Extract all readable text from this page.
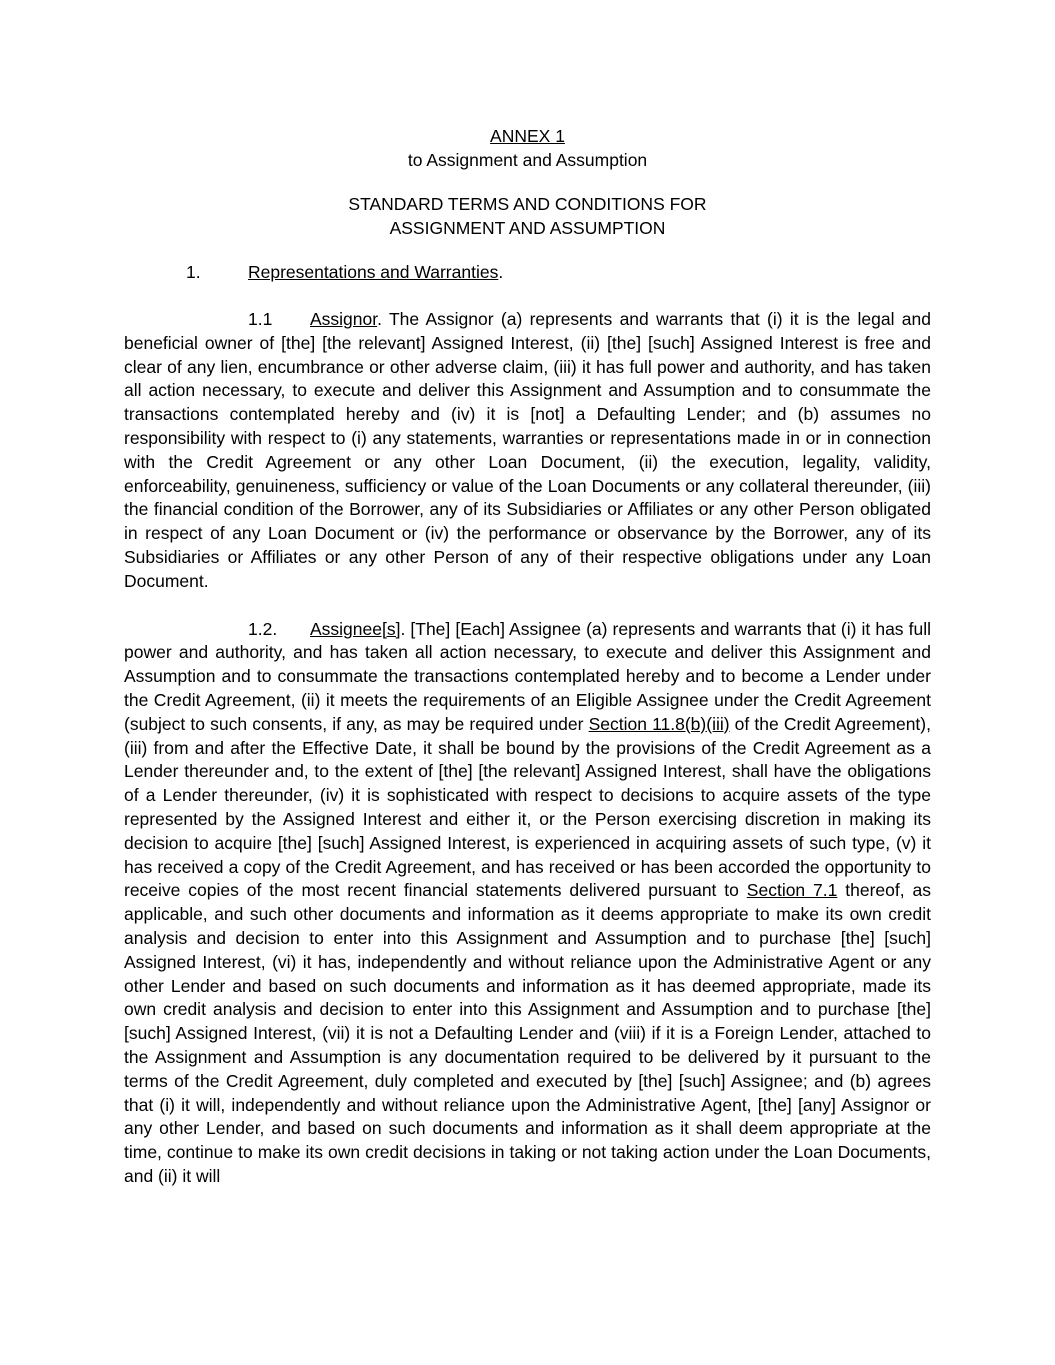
ANNEX 1
to Assignment and Assumption
STANDARD TERMS AND CONDITIONS FOR
ASSIGNMENT AND ASSUMPTION
1.	Representations and Warranties.

1.1 Assignor. The Assignor (a) represents and warrants that (i) it is the legal and beneficial owner of [the] [the relevant] Assigned Interest, (ii) [the] [such] Assigned Interest is free and clear of any lien, encumbrance or other adverse claim, (iii) it has full power and authority, and has taken all action necessary, to execute and deliver this Assignment and Assumption and to consummate the transactions contemplated hereby and (iv) it is [not] a Defaulting Lender; and (b) assumes no responsibility with respect to (i) any statements, warranties or representations made in or in connection with the Credit Agreement or any other Loan Document, (ii) the execution, legality, validity, enforceability, genuineness, sufficiency or value of the Loan Documents or any collateral thereunder, (iii) the financial condition of the Borrower, any of its Subsidiaries or Affiliates or any other Person obligated in respect of any Loan Document or (iv) the performance or observance by the Borrower, any of its Subsidiaries or Affiliates or any other Person of any of their respective obligations under any Loan Document.

1.2. Assignee[s]. [The] [Each] Assignee (a) represents and warrants that (i) it has full power and authority, and has taken all action necessary, to execute and deliver this Assignment and Assumption and to consummate the transactions contemplated hereby and to become a Lender under the Credit Agreement, (ii) it meets the requirements of an Eligible Assignee under the Credit Agreement (subject to such consents, if any, as may be required under Section 11.8(b)(iii) of the Credit Agreement), (iii) from and after the Effective Date, it shall be bound by the provisions of the Credit Agreement as a Lender thereunder and, to the extent of [the] [the relevant] Assigned Interest, shall have the obligations of a Lender thereunder, (iv) it is sophisticated with respect to decisions to acquire assets of the type represented by the Assigned Interest and either it, or the Person exercising discretion in making its decision to acquire [the] [such] Assigned Interest, is experienced in acquiring assets of such type, (v) it has received a copy of the Credit Agreement, and has received or has been accorded the opportunity to receive copies of the most recent financial statements delivered pursuant to Section 7.1 thereof, as applicable, and such other documents and information as it deems appropriate to make its own credit analysis and decision to enter into this Assignment and Assumption and to purchase [the] [such] Assigned Interest, (vi) it has, independently and without reliance upon the Administrative Agent or any other Lender and based on such documents and information as it has deemed appropriate, made its own credit analysis and decision to enter into this Assignment and Assumption and to purchase [the] [such] Assigned Interest, (vii) it is not a Defaulting Lender and (viii) if it is a Foreign Lender, attached to the Assignment and Assumption is any documentation required to be delivered by it pursuant to the terms of the Credit Agreement, duly completed and executed by [the] [such] Assignee; and (b) agrees that (i) it will, independently and without reliance upon the Administrative Agent, [the] [any] Assignor or any other Lender, and based on such documents and information as it shall deem appropriate at the time, continue to make its own credit decisions in taking or not taking action under the Loan Documents, and (ii) it will
